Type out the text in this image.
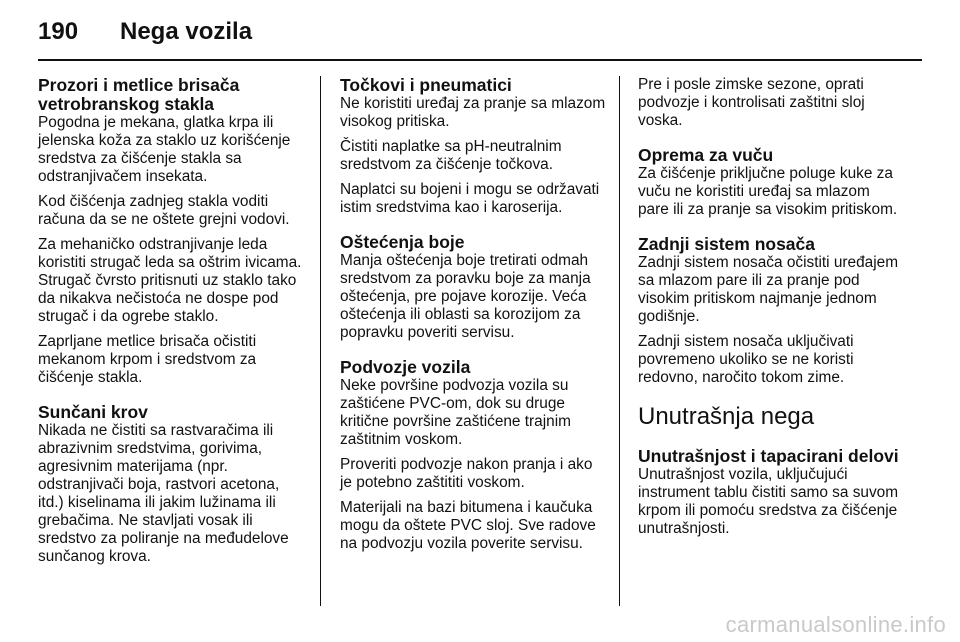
190 Nega vozila
Prozori i metlice brisača vetrobranskog stakla

Pogodna je mekana, glatka krpa ili jelenska koža za staklo uz korišćenje sredstva za čišćenje stakla sa odstranjivačem insekata.

Kod čišćenja zadnjeg stakla voditi računa da se ne oštete grejni vodovi.

Za mehaničko odstranjivanje leda koristiti strugač leda sa oštrim ivicama. Strugač čvrsto pritisnuti uz staklo tako da nikakva nečistoća ne dospe pod strugač i da ogrebe staklo.

Zaprljane metlice brisača očistiti mekanom krpom i sredstvom za čišćenje stakla.

Sunčani krov

Nikada ne čistiti sa rastvaračima ili abrazivnim sredstvima, gorivima, agresivnim materijama (npr. odstranjivači boja, rastvori acetona, itd.) kiselinama ili jakim lužinama ili grebačima. Ne stavljati vosak ili sredstvo za poliranje na međudelove sunčanog krova.

Točkovi i pneumatici

Ne koristiti uređaj za pranje sa mlazom visokog pritiska.

Čistiti naplatke sa pH-neutralnim sredstvom za čišćenje točkova.

Naplatci su bojeni i mogu se održavati istim sredstvima kao i karoserija.

Oštećenja boje

Manja oštećenja boje tretirati odmah sredstvom za poravku boje za manja oštećenja, pre pojave korozije. Veća oštećenja ili oblasti sa korozijom za popravku poveriti servisu.

Podvozje vozila

Neke površine podvozja vozila su zaštićene PVC-om, dok su druge kritične površine zaštićene trajnim zaštitnim voskom.

Proveriti podvozje nakon pranja i ako je potebno zaštititi voskom.

Materijali na bazi bitumena i kaučuka mogu da oštete PVC sloj. Sve radove na podvozju vozila poverite servisu.

Pre i posle zimske sezone, oprati podvozje i kontrolisati zaštitni sloj voska.

Oprema za vuču

Za čišćenje priključne poluge kuke za vuču ne koristiti uređaj sa mlazom pare ili za pranje sa visokim pritiskom.

Zadnji sistem nosača

Zadnji sistem nosača očistiti uređajem sa mlazom pare ili za pranje pod visokim pritiskom najmanje jednom godišnje.

Zadnji sistem nosača uključivati povremeno ukoliko se ne koristi redovno, naročito tokom zime.

Unutrašnja nega
Unutrašnjost i tapacirani delovi

Unutrašnjost vozila, uključujući instrument tablu čistiti samo sa suvom krpom ili pomoću sredstva za čišćenje unutrašnjosti.

carmanualsonline.info
